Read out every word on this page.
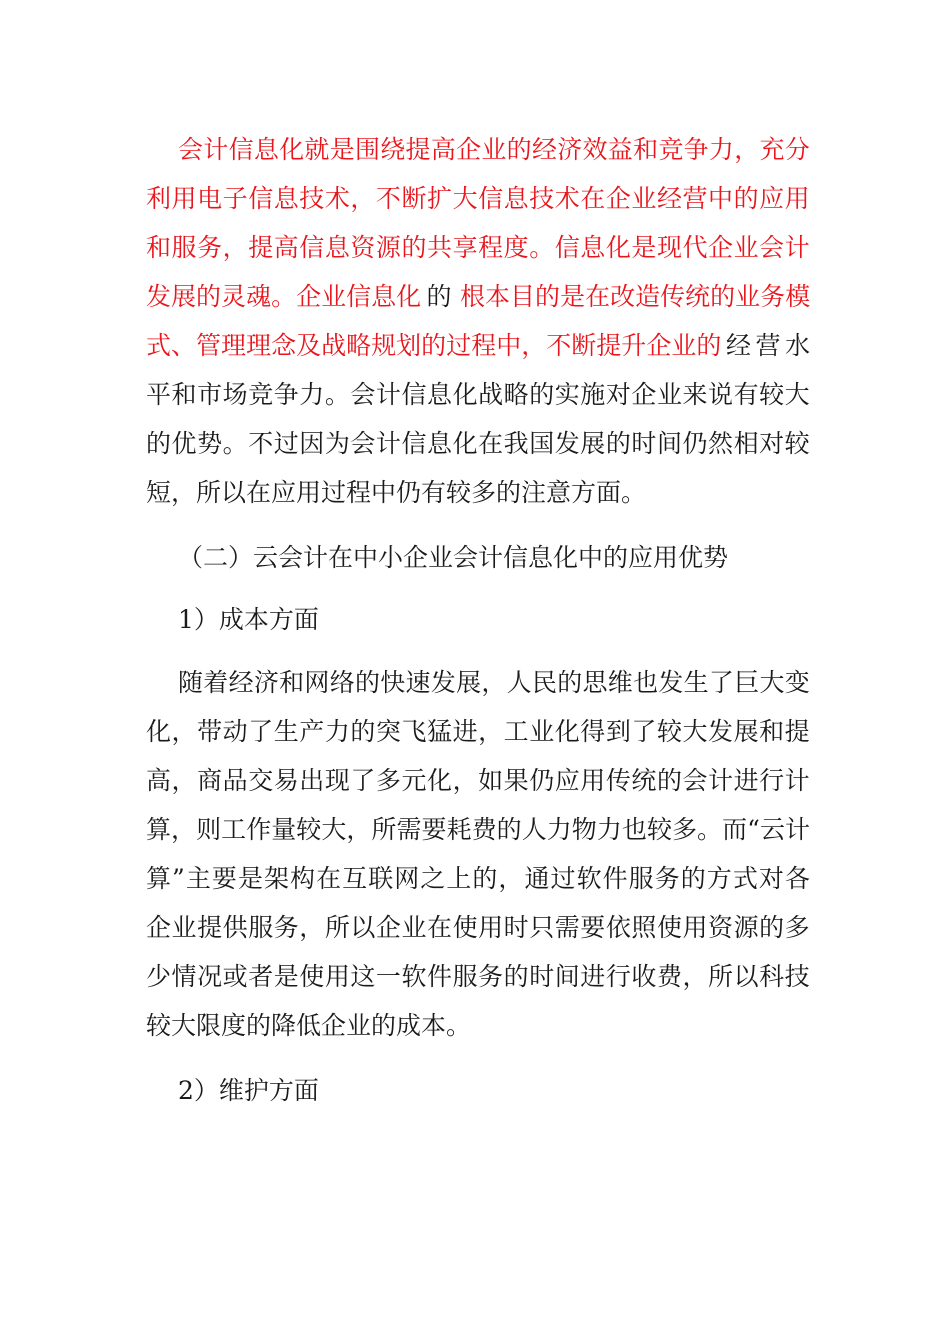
会 计 信 息 化 就 是 围 绕 提 高 企 业 的 经 济 效 益 和 竞 争 力 ， 充 分
利 用 电 子 信 息 技 术 ， 不 断 扩 大 信 息 技 术 在 企 业 经 营 中 的 应 用
和 服 务 ， 提 高 信 息 资 源 的 共 享 程 度 。 信 息 化 是 现 代 企 业 会 计
发 展 的 灵 魂 。 企 业 信 息 化 的 根 本 目 的 是 在 改 造 传 统 的 业 务 模
式 、 管 理 理 念 及 战 略 规 划 的 过 程 中 ， 不 断 提 升 企 业 的 经 营 水
平 和 市 场 竞 争 力 。 会 计 信 息 化 战 略 的 实 施 对 企 业 来 说 有 较 大
的 优 势 。 不 过 因 为 会 计 信 息 化 在 我 国 发 展 的 时 间 仍 然 相 对 较
短，所以在应用过程中仍有较多的注意方面。
（二）云会计在中小企业会计信息化中的应用优势
1）成本方面
随 着 经 济 和 网 络 的 快 速 发 展 ， 人 民 的 思 维 也 发 生 了 巨 大 变
化 ， 带 动 了 生 产 力 的 突 飞 猛 进 ， 工 业 化 得 到 了 较 大 发 展 和 提
高 ， 商 品 交 易 出 现 了 多 元 化 ， 如 果 仍 应 用 传 统 的 会 计 进 行 计
算 ， 则 工 作 量 较 大 ， 所 需 要 耗 费 的 人 力 物 力 也 较 多 。 而 “ 云 计
算 ” 主 要 是 架 构 在 互 联 网 之 上 的 ， 通 过 软 件 服 务 的 方 式 对 各
企 业 提 供 服 务 ， 所 以 企 业 在 使 用 时 只 需 要 依 照 使 用 资 源 的 多
少 情 况 或 者 是 使 用 这 一 软 件 服 务 的 时 间 进 行 收 费 ， 所 以 科 技
较大限度的降低企业的成本。
2）维护方面
